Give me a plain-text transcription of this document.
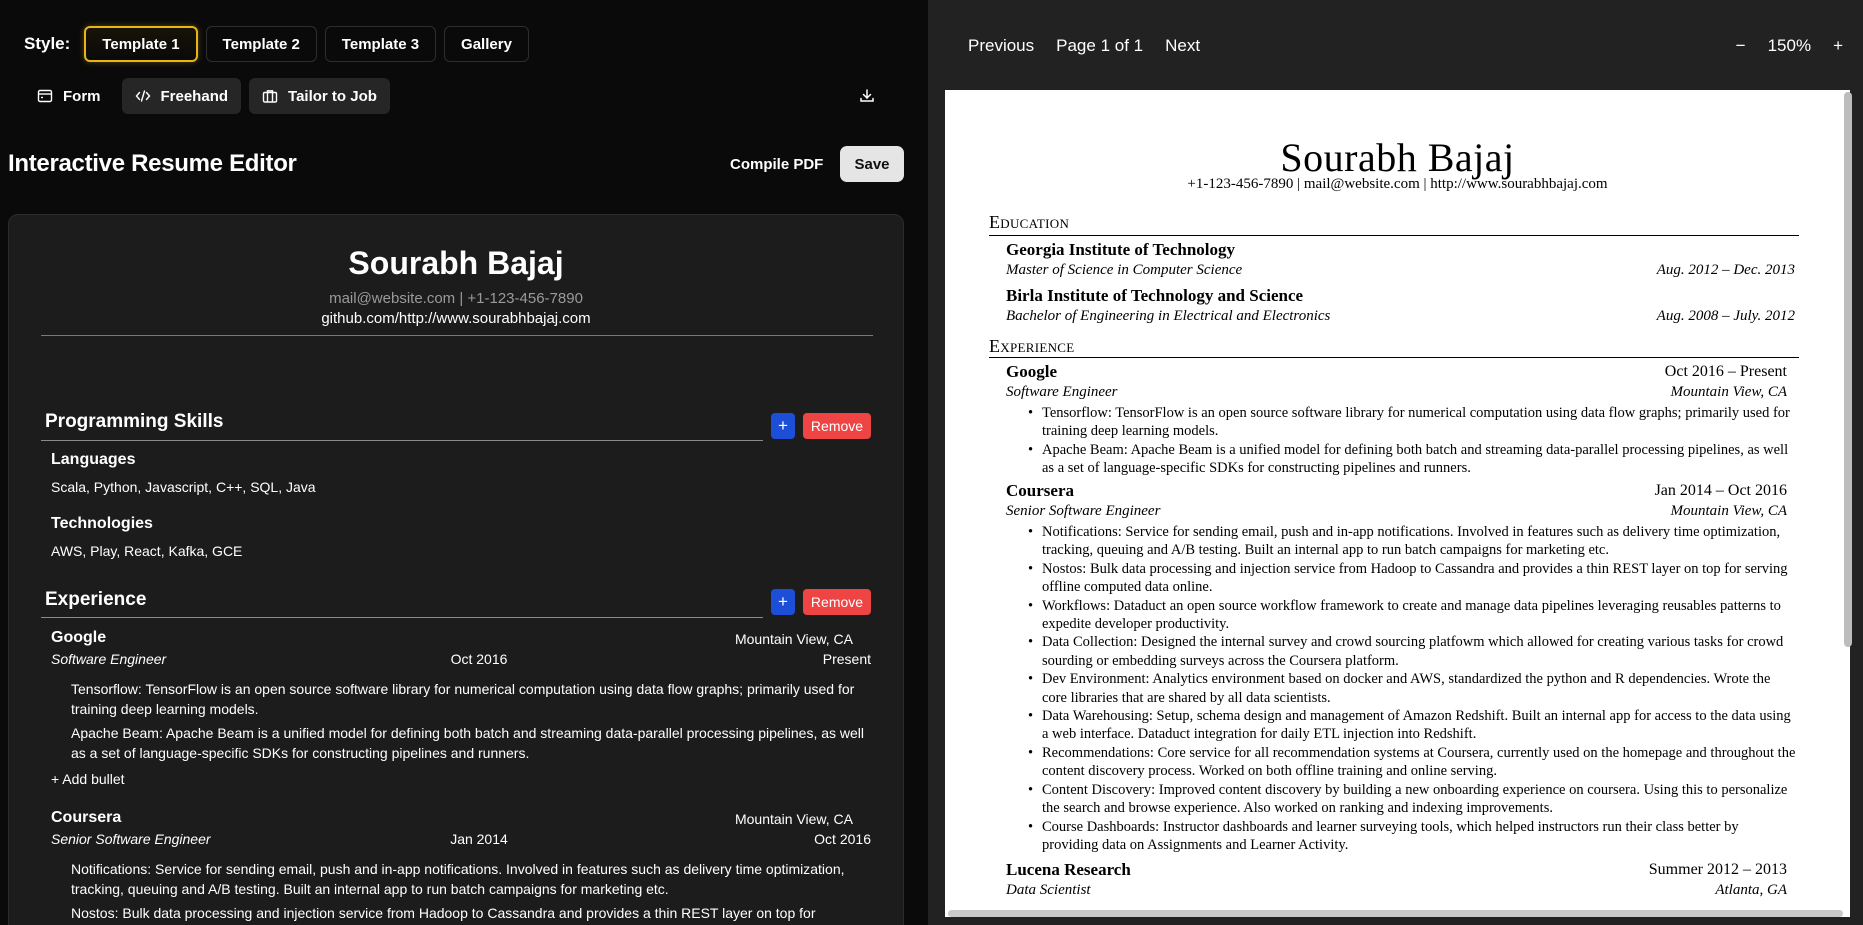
Style:	Template 1	Template 2	Template 3	Gallery
Form	Freehand	Tailor to Job
Interactive Resume Editor	Compile PDF	Save
Sourabh Bajaj
mail@website.com | +1-123-456-7890
github.com/http://www.sourabhbajaj.com
Programming Skills	+	Remove
Languages
Scala, Python, Javascript, C++, SQL, Java
Technologies
AWS, Play, React, Kafka, GCE
Experience	+	Remove
Google	Mountain View, CA
Software Engineer	Oct 2016	Present
Tensorflow: TensorFlow is an open source software library for numerical computation using data flow graphs; primarily used for training deep learning models.
Apache Beam: Apache Beam is a unified model for defining both batch and streaming data-parallel processing pipelines, as well as a set of language-specific SDKs for constructing pipelines and runners.
+ Add bullet
Coursera	Mountain View, CA
Senior Software Engineer	Jan 2014	Oct 2016
Notifications: Service for sending email, push and in-app notifications. Involved in features such as delivery time optimization, tracking, queuing and A/B testing. Built an internal app to run batch campaigns for marketing etc.
Nostos: Bulk data processing and injection service from Hadoop to Cassandra and provides a thin REST layer on top for
Previous Page 1 of 1 Next	− 150% +
Sourabh Bajaj
+1-123-456-7890 | mail@website.com | http://www.sourabhbajaj.com
Education
Georgia Institute of Technology
Master of Science in Computer Science	Aug. 2012 – Dec. 2013
Birla Institute of Technology and Science
Bachelor of Engineering in Electrical and Electronics	Aug. 2008 – July. 2012
Experience
Google	Oct 2016 – Present
Software Engineer	Mountain View, CA
• Tensorflow: TensorFlow is an open source software library for numerical computation using data flow graphs; primarily used for training deep learning models.
• Apache Beam: Apache Beam is a unified model for defining both batch and streaming data-parallel processing pipelines, as well as a set of language-specific SDKs for constructing pipelines and runners.
Coursera	Jan 2014 – Oct 2016
Senior Software Engineer	Mountain View, CA
• Notifications: Service for sending email, push and in-app notifications. Involved in features such as delivery time optimization, tracking, queuing and A/B testing. Built an internal app to run batch campaigns for marketing etc.
• Nostos: Bulk data processing and injection service from Hadoop to Cassandra and provides a thin REST layer on top for serving offline computed data online.
• Workflows: Dataduct an open source workflow framework to create and manage data pipelines leveraging reusables patterns to expedite developer productivity.
• Data Collection: Designed the internal survey and crowd sourcing platfowm which allowed for creating various tasks for crowd sourding or embedding surveys across the Coursera platform.
• Dev Environment: Analytics environment based on docker and AWS, standardized the python and R dependencies. Wrote the core libraries that are shared by all data scientists.
• Data Warehousing: Setup, schema design and management of Amazon Redshift. Built an internal app for access to the data using a web interface. Dataduct integration for daily ETL injection into Redshift.
• Recommendations: Core service for all recommendation systems at Coursera, currently used on the homepage and throughout the content discovery process. Worked on both offline training and online serving.
• Content Discovery: Improved content discovery by building a new onboarding experience on coursera. Using this to personalize the search and browse experience. Also worked on ranking and indexing improvements.
• Course Dashboards: Instructor dashboards and learner surveying tools, which helped instructors run their class better by providing data on Assignments and Learner Activity.
Lucena Research	Summer 2012 – 2013
Data Scientist	Atlanta, GA
